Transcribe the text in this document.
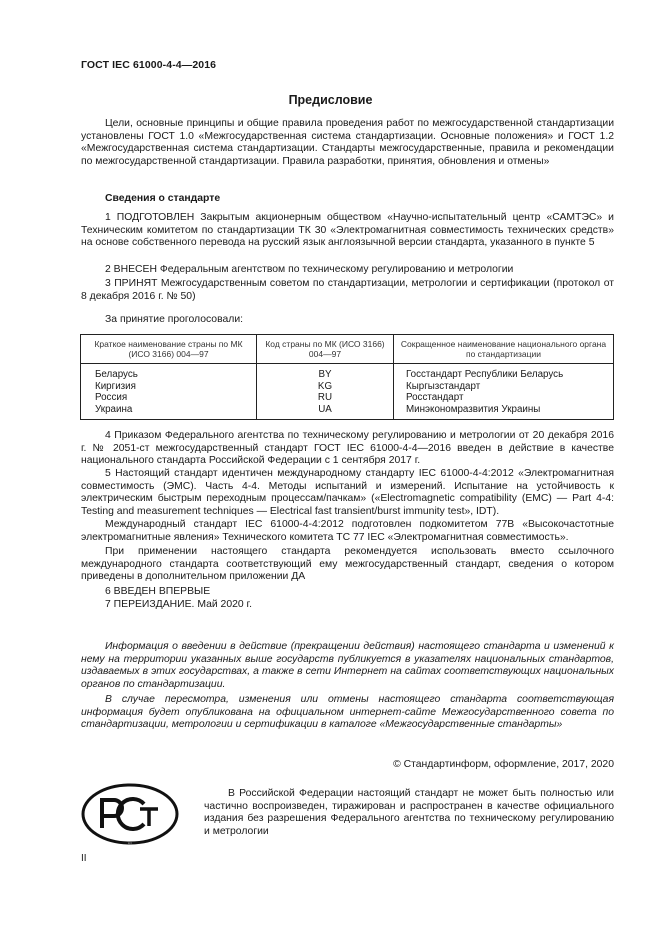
ГОСТ IEC 61000-4-4—2016
Предисловие

Цели, основные принципы и общие правила проведения работ по межгосударственной стандартизации установлены ГОСТ 1.0 «Межгосударственная система стандартизации. Основные положения» и ГОСТ 1.2 «Межгосударственная система стандартизации. Стандарты межгосударственные, правила и рекомендации по межгосударственной стандартизации. Правила разработки, принятия, обновления и отмены»

Сведения о стандарте

1 ПОДГОТОВЛЕН Закрытым акционерным обществом «Научно-испытательный центр «САМТЭС» и Техническим комитетом по стандартизации ТК 30 «Электромагнитная совместимость технических средств» на основе собственного перевода на русский язык англоязычной версии стандарта, указанного в пункте 5

2 ВНЕСЕН Федеральным агентством по техническому регулированию и метрологии

3 ПРИНЯТ Межгосударственным советом по стандартизации, метрологии и сертификации (протокол от 8 декабря 2016 г. № 50)

За принятие проголосовали:
Краткое наименование страны по МК (ИСО 3166) 004—97	Код страны по МК (ИСО 3166) 004—97	Сокращенное наименование национального органа по стандартизации
Беларусь	BY	Госстандарт Республики Беларусь
Киргизия	KG	Кыргызстандарт
Россия	RU	Росстандарт
Украина	UA	Минэкономразвития Украины

4 Приказом Федерального агентства по техническому регулированию и метрологии от 20 декабря 2016 г. № 2051-ст межгосударственный стандарт ГОСТ IEC 61000-4-4—2016 введен в действие в качестве национального стандарта Российской Федерации с 1 сентября 2017 г.

5 Настоящий стандарт идентичен международному стандарту IEC 61000-4-4:2012 «Электромагнитная совместимость (ЭМС). Часть 4-4. Методы испытаний и измерений. Испытание на устойчивость к электрическим быстрым переходным процессам/пачкам» («Electromagnetic compatibility (EMC) — Part 4-4: Testing and measurement techniques — Electrical fast transient/burst immunity test», IDT).

Международный стандарт IEC 61000-4-4:2012 подготовлен подкомитетом 77В «Высокочастотные электромагнитные явления» Технического комитета ТС 77 IEC «Электромагнитная совместимость».

При применении настоящего стандарта рекомендуется использовать вместо ссылочного международного стандарта соответствующий ему межгосударственный стандарт, сведения о котором приведены в дополнительном приложении ДА

6 ВВЕДЕН ВПЕРВЫЕ

7 ПЕРЕИЗДАНИЕ. Май 2020 г.

Информация о введении в действие (прекращении действия) настоящего стандарта и изменений к нему на территории указанных выше государств публикуется в указателях национальных стандартов, издаваемых в этих государствах, а также в сети Интернет на сайтах соответствующих национальных органов по стандартизации.

В случае пересмотра, изменения или отмены настоящего стандарта соответствующая информация будет опубликована на официальном интернет-сайте Межгосударственного совета по стандартизации, метрологии и сертификации в каталоге «Межгосударственные стандарты»

© Стандартинформ, оформление, 2017, 2020
РСТ

В Российской Федерации настоящий стандарт не может быть полностью или частично воспроизведен, тиражирован и распространен в качестве официального издания без разрешения Федерального агентства по техническому регулированию и метрологии

II
